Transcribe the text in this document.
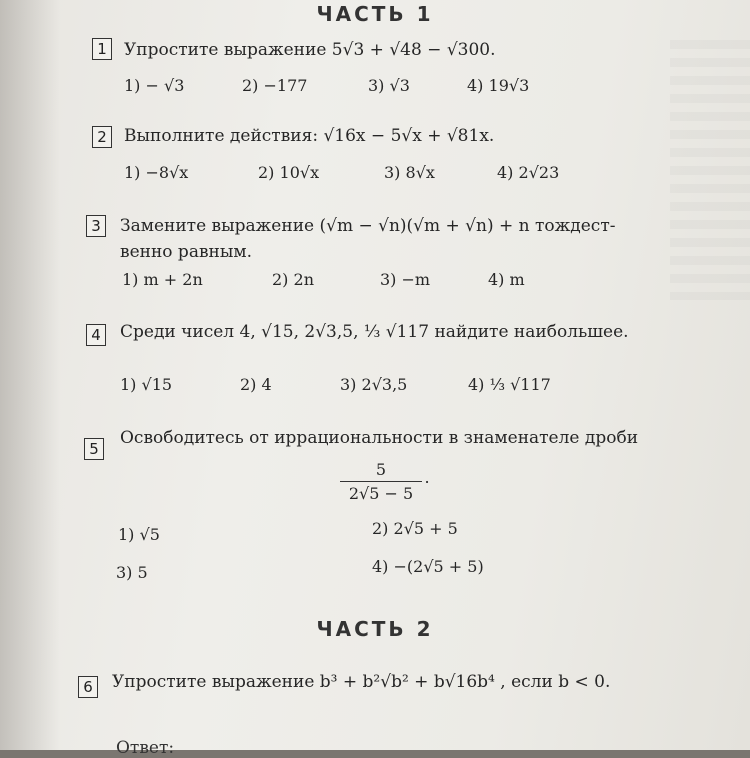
ЧАСТЬ 1
1	Упростите выражение 5√3 + √48 − √300.
1) − √3	2) −177	3) √3	4) 19√3
2	Выполните действия: √16x − 5√x + √81x.
1) −8√x	2) 10√x	3) 8√x	4) 2√23
3	Замените выражение (√m − √n)(√m + √n) + n тождест-
венно равным.
1) m + 2n	2) 2n	3) −m	4) m
4	Среди чисел 4, √15, 2√3,5, ⅓ √117 найдите наибольшее.
1) √15	2) 4	3) 2√3,5	4) ⅓ √117
5
Освободитесь от иррациональности в знаменателе дроби
5
2√5 − 5
.
1) √5	2) 2√5 + 5
3) 5	4) −(2√5 + 5)
ЧАСТЬ 2
6	Упростите выражение b³ + b²√b² + b√16b⁴ , если b < 0.
Ответ:
